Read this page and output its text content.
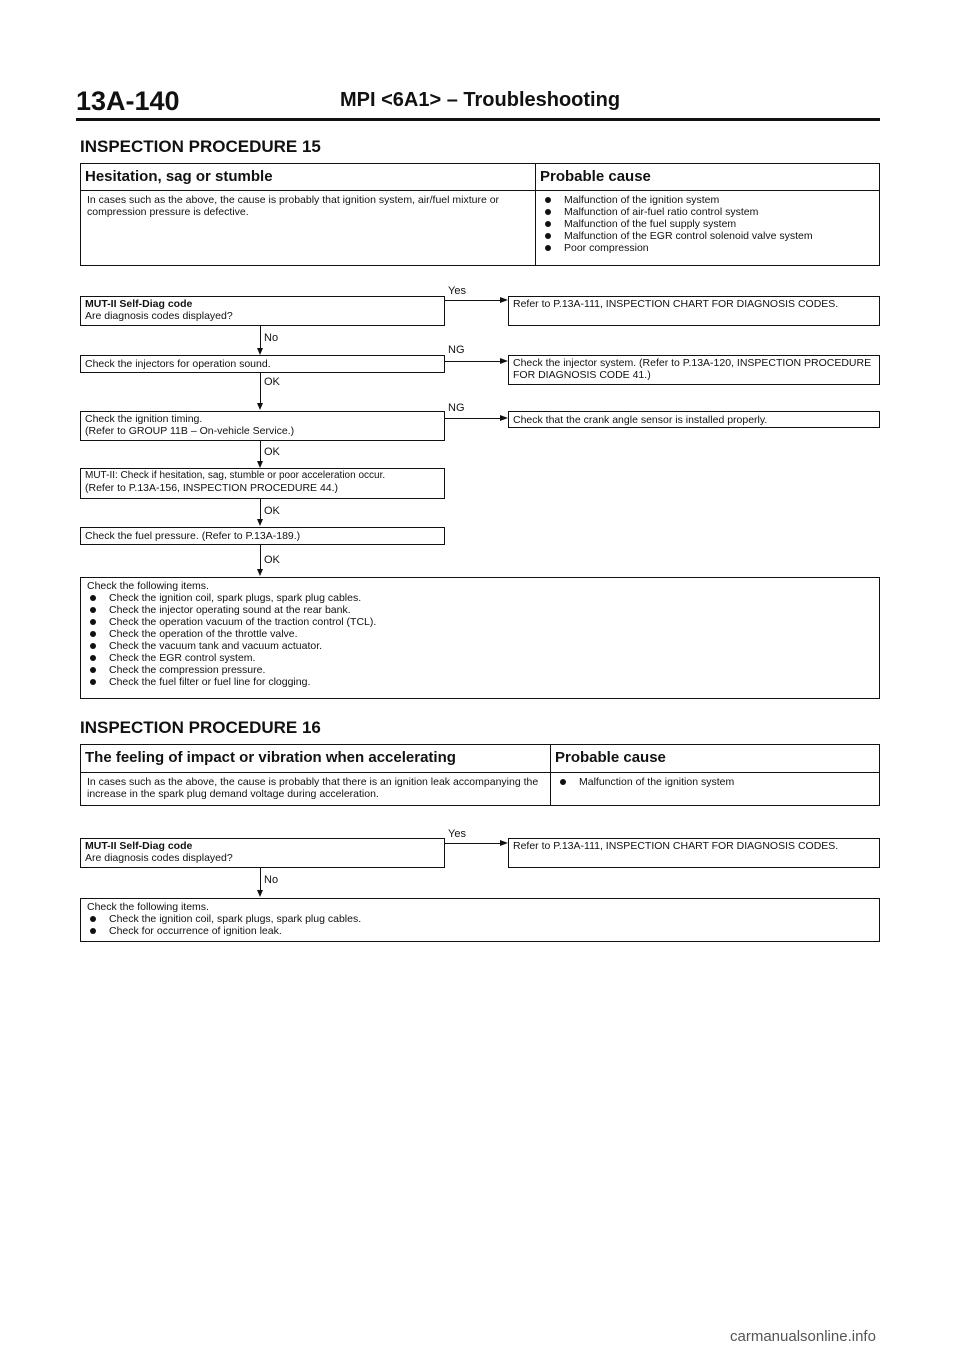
13A-140	MPI <6A1> – Troubleshooting
INSPECTION PROCEDURE 15
Hesitation, sag or stumble	Probable cause
In cases such as the above, the cause is probably that ignition system, air/fuel mixture or compression pressure is defective.
Malfunction of the ignition system
Malfunction of air-fuel ratio control system
Malfunction of the fuel supply system
Malfunction of the EGR control solenoid valve system
Poor compression
MUT-II Self-Diag code
Are diagnosis codes displayed?
Yes
Refer to P.13A-111, INSPECTION CHART FOR DIAGNOSIS CODES.
No
Check the injectors for operation sound.
NG
Check the injector system. (Refer to P.13A-120, INSPECTION PROCEDURE FOR DIAGNOSIS CODE 41.)
OK
Check the ignition timing.
(Refer to GROUP 11B – On-vehicle Service.)
NG
Check that the crank angle sensor is installed properly.
OK
MUT-II: Check if hesitation, sag, stumble or poor acceleration occur.
(Refer to P.13A-156, INSPECTION PROCEDURE 44.)
OK
Check the fuel pressure. (Refer to P.13A-189.)
OK
Check the following items.
Check the ignition coil, spark plugs, spark plug cables.
Check the injector operating sound at the rear bank.
Check the operation vacuum of the traction control (TCL).
Check the operation of the throttle valve.
Check the vacuum tank and vacuum actuator.
Check the EGR control system.
Check the compression pressure.
Check the fuel filter or fuel line for clogging.
INSPECTION PROCEDURE 16
The feeling of impact or vibration when accelerating	Probable cause
In cases such as the above, the cause is probably that there is an ignition leak accompanying the increase in the spark plug demand voltage during acceleration.
Malfunction of the ignition system
MUT-II Self-Diag code
Are diagnosis codes displayed?
Yes
Refer to P.13A-111, INSPECTION CHART FOR DIAGNOSIS CODES.
No
Check the following items.
Check the ignition coil, spark plugs, spark plug cables.
Check for occurrence of ignition leak.
carmanualsonline.info
